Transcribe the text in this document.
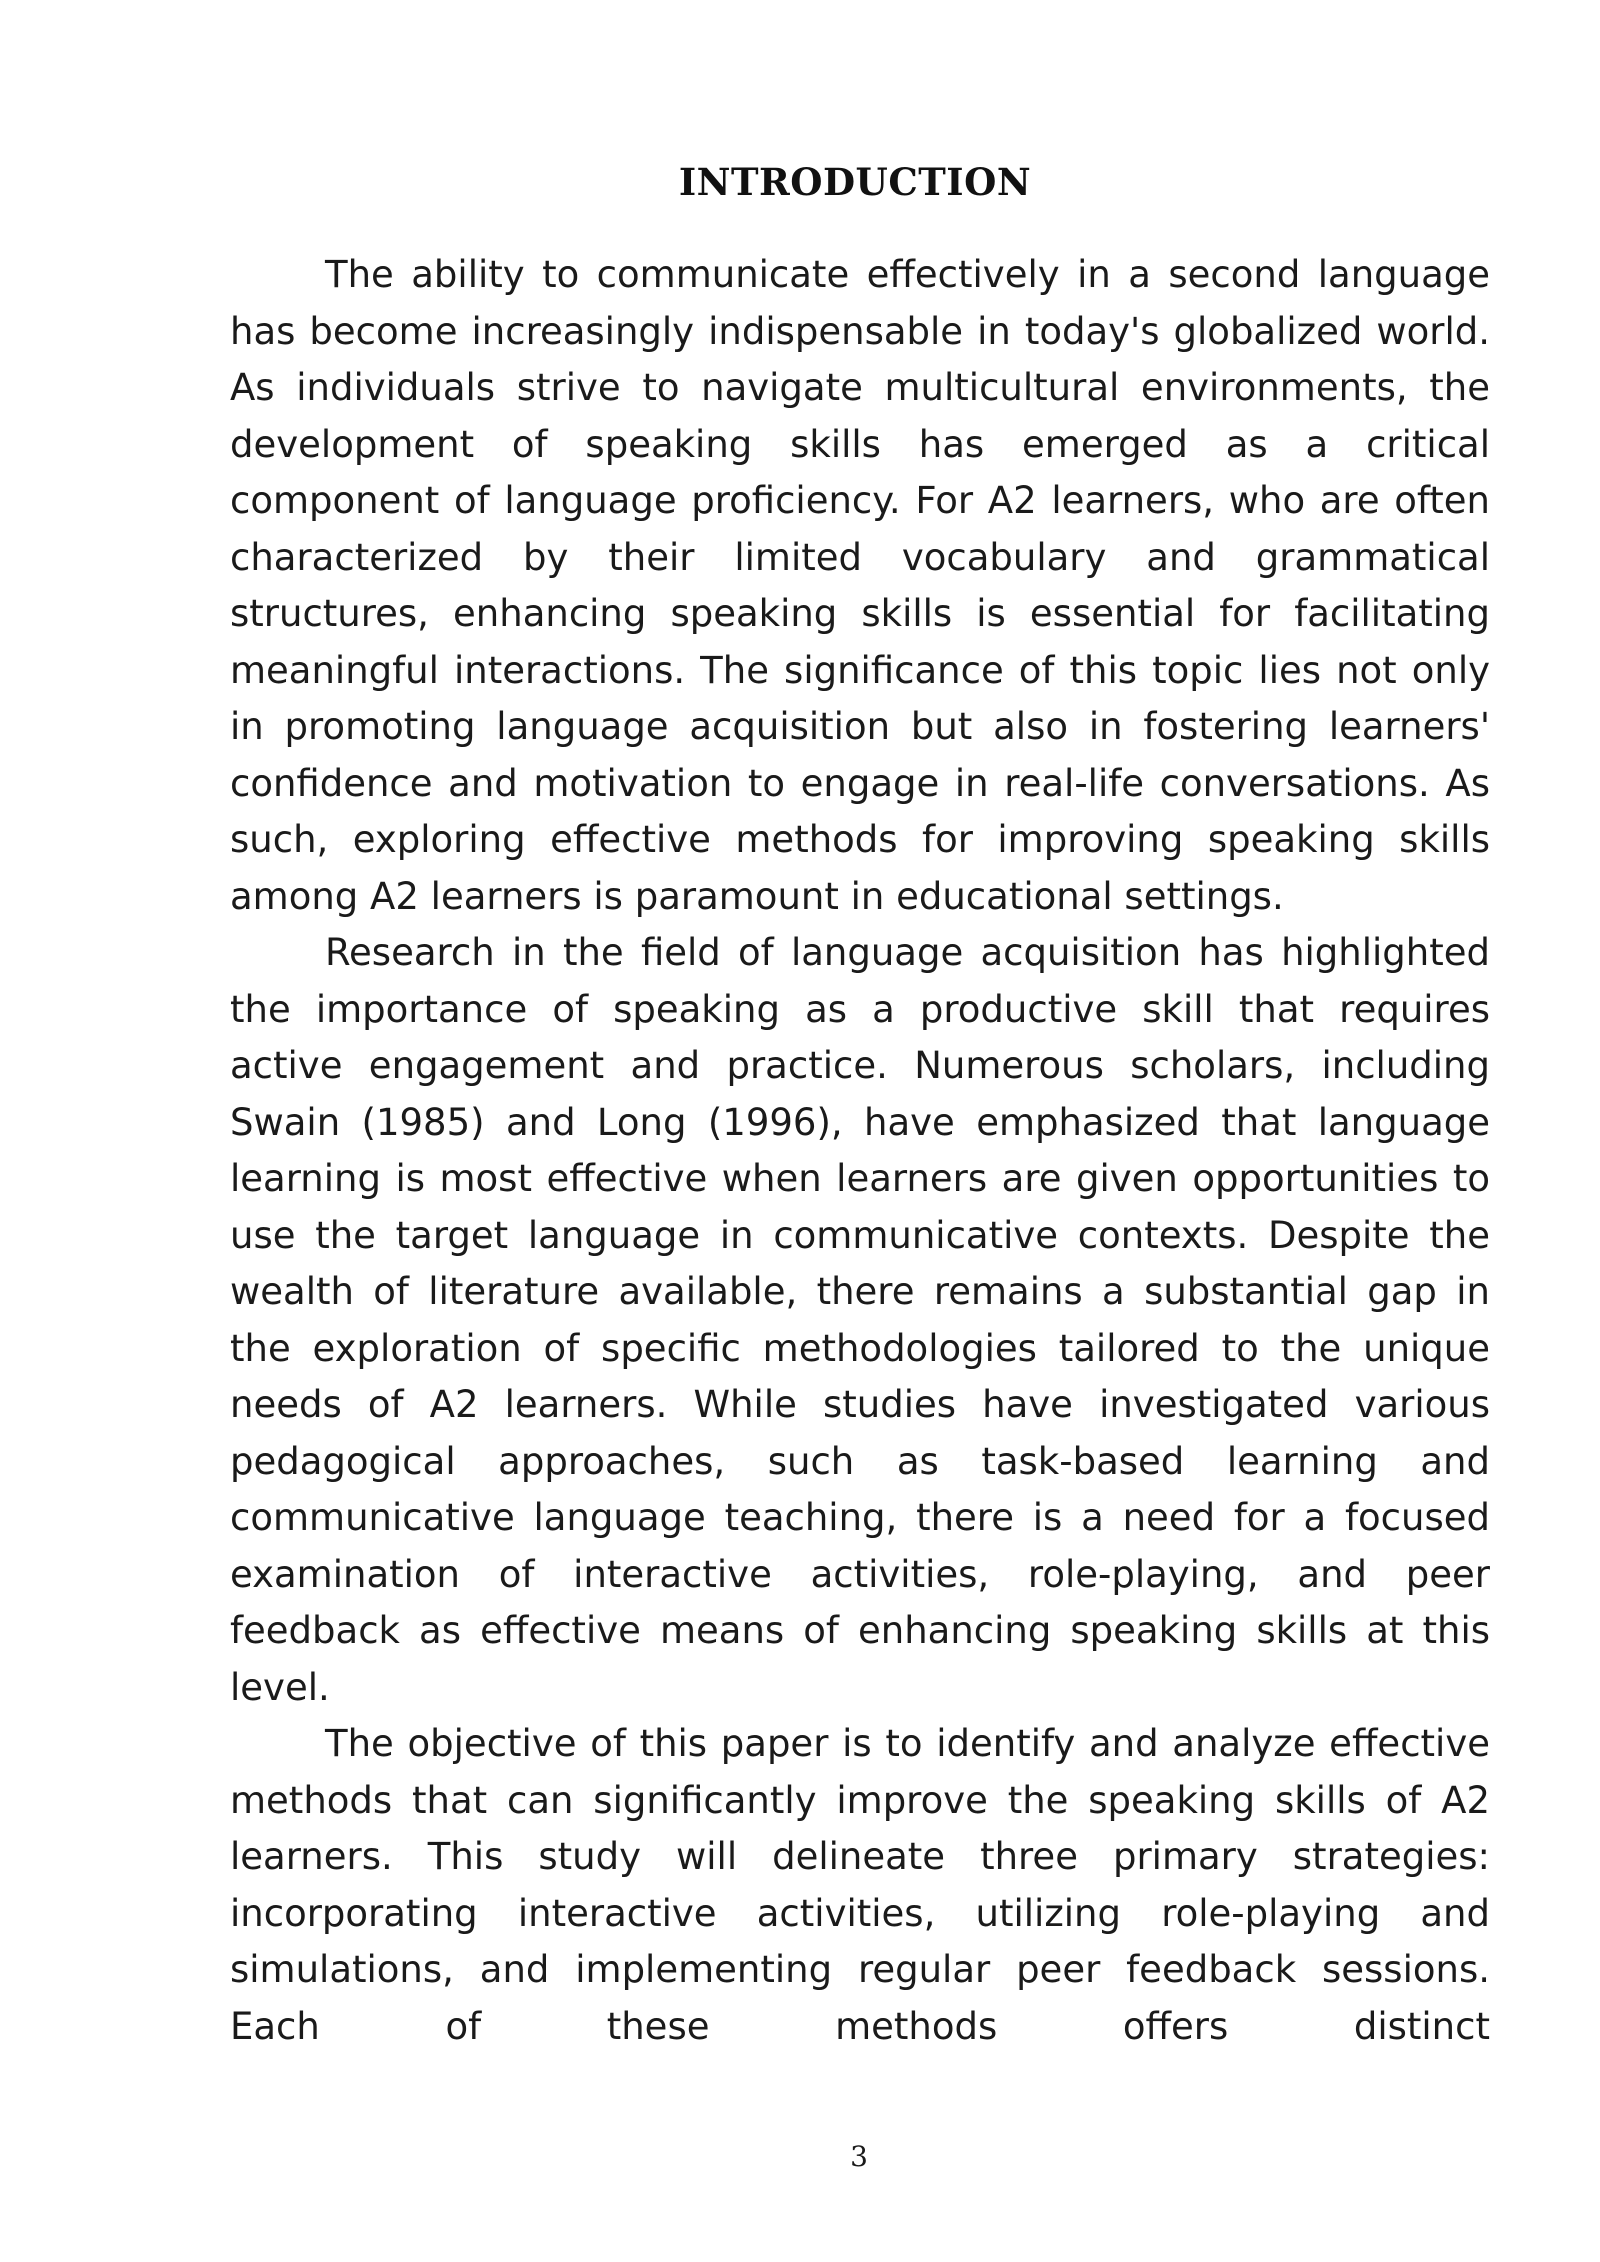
INTRODUCTION

The ability to communicate effectively in a second language has become increasingly indispensable in today's globalized world. As individuals strive to navigate multicultural environments, the development of speaking skills has emerged as a critical component of language proficiency. For A2 learners, who are often characterized by their limited vocabulary and grammatical structures, enhancing speaking skills is essential for facilitating meaningful interactions. The significance of this topic lies not only in promoting language acquisition but also in fostering learners' confidence and motivation to engage in real-life conversations. As such, exploring effective methods for improving speaking skills among A2 learners is paramount in educational settings.

Research in the field of language acquisition has highlighted the importance of speaking as a productive skill that requires active engagement and practice. Numerous scholars, including Swain (1985) and Long (1996), have emphasized that language learning is most effective when learners are given opportunities to use the target language in communicative contexts. Despite the wealth of literature available, there remains a substantial gap in the exploration of specific methodologies tailored to the unique needs of A2 learners. While studies have investigated various pedagogical approaches, such as task-based learning and communicative language teaching, there is a need for a focused examination of interactive activities, role-playing, and peer feedback as effective means of enhancing speaking skills at this level.

The objective of this paper is to identify and analyze effective methods that can significantly improve the speaking skills of A2 learners. This study will delineate three primary strategies: incorporating interactive activities, utilizing role-playing and simulations, and implementing regular peer feedback sessions. Each of these methods offers distinct

3
